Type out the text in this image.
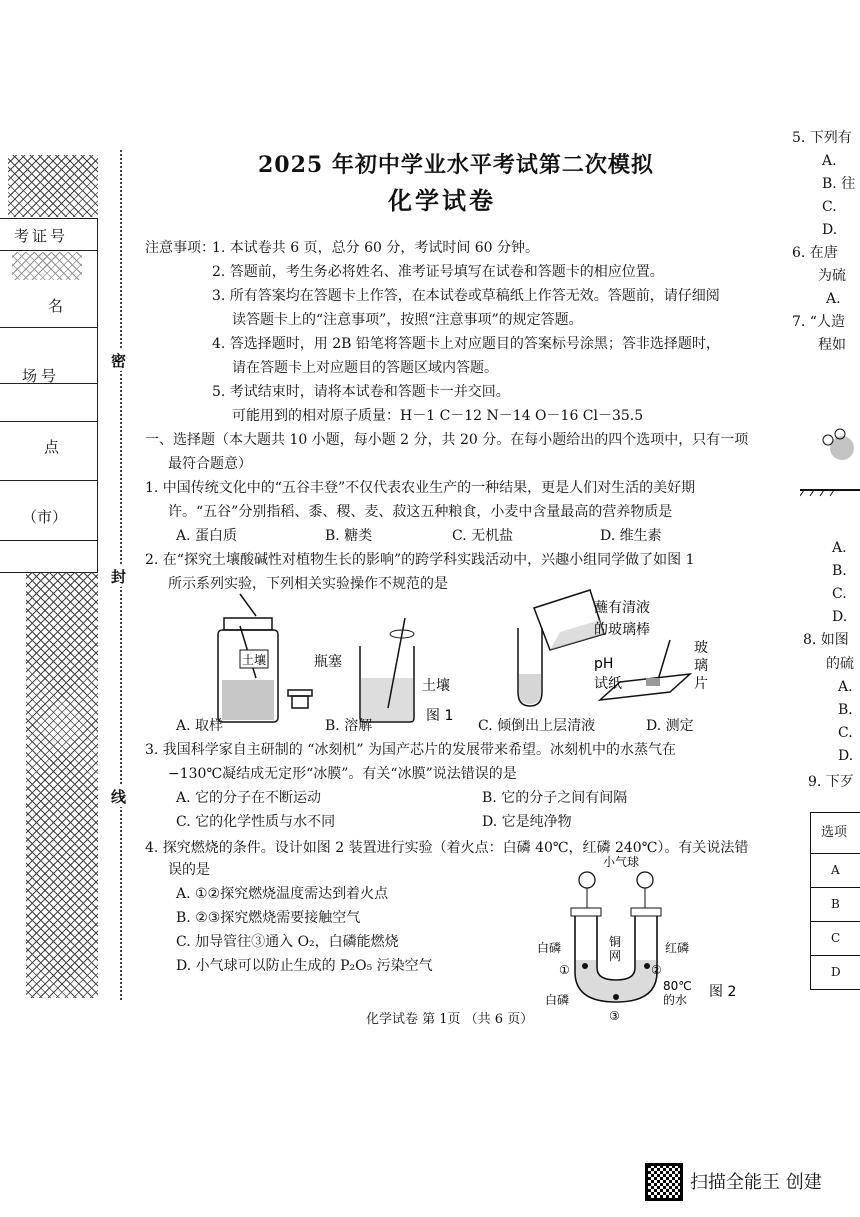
考证号
名
场号
点
（市）
密
封
线
2025 年初中学业水平考试第二次模拟
化学试卷
注意事项：
1. 本试卷共 6 页，总分 60 分，考试时间 60 分钟。
2. 答题前，考生务必将姓名、准考证号填写在试卷和答题卡的相应位置。
3. 所有答案均在答题卡上作答，在本试卷或草稿纸上作答无效。答题前，请仔细阅
读答题卡上的“注意事项”，按照“注意事项”的规定答题。
4. 答选择题时，用 2B 铅笔将答题卡上对应题目的答案标号涂黑；答非选择题时，
请在答题卡上对应题目的答题区域内答题。
5. 考试结束时，请将本试卷和答题卡一并交回。
可能用到的相对原子质量：H－1 C－12 N－14 O－16 Cl－35.5
一、选择题（本大题共 10 小题，每小题 2 分，共 20 分。在每小题给出的四个选项中，只有一项
最符合题意）
1. 中国传统文化中的“五谷丰登”不仅代表农业生产的一种结果，更是人们对生活的美好期
许。“五谷”分别指稻、黍、稷、麦、菽这五种粮食，小麦中含量最高的营养物质是
A. 蛋白质	B. 糖类	C. 无机盐	D. 维生素
2. 在“探究土壤酸碱性对植物生长的影响”的跨学科实践活动中，兴趣小组同学做了如图 1
所示系列实验，下列相关实验操作不规范的是
土壤	瓶塞
土壤
蘸有清液
的玻璃棒
pH
试纸
玻
璃
片
图 1
A. 取样	B. 溶解	C. 倾倒出上层清液	D. 测定
3. 我国科学家自主研制的 “冰刻机” 为国产芯片的发展带来希望。冰刻机中的水蒸气在
−130℃凝结成无定形“冰膜”。有关“冰膜”说法错误的是
A. 它的分子在不断运动	B. 它的分子之间有间隔
C. 它的化学性质与水不同	D. 它是纯净物
4. 探究燃烧的条件。设计如图 2 装置进行实验（着火点：白磷 40℃，红磷 240℃）。有关说法错
误的是
A. ①②探究燃烧温度需达到着火点
B. ②③探究燃烧需要接触空气
C. 加导管往③通入 O₂，白磷能燃烧
D. 小气球可以防止生成的 P₂O₅ 污染空气
小气球
白磷	铜
网
红磷
①	②
③
白磷
80℃
的水 图 2
化学试卷 第 1页 （共 6 页）
5. 下列有
A.
B. 往
C.
D.
6. 在唐
为硫
A.
7. “人造
程如
A.
B.
C.
D.
8. 如图
的硫
A.
B.
C.
D.
9. 下歹
选项
A
B
C
D
扫描全能王 创建
